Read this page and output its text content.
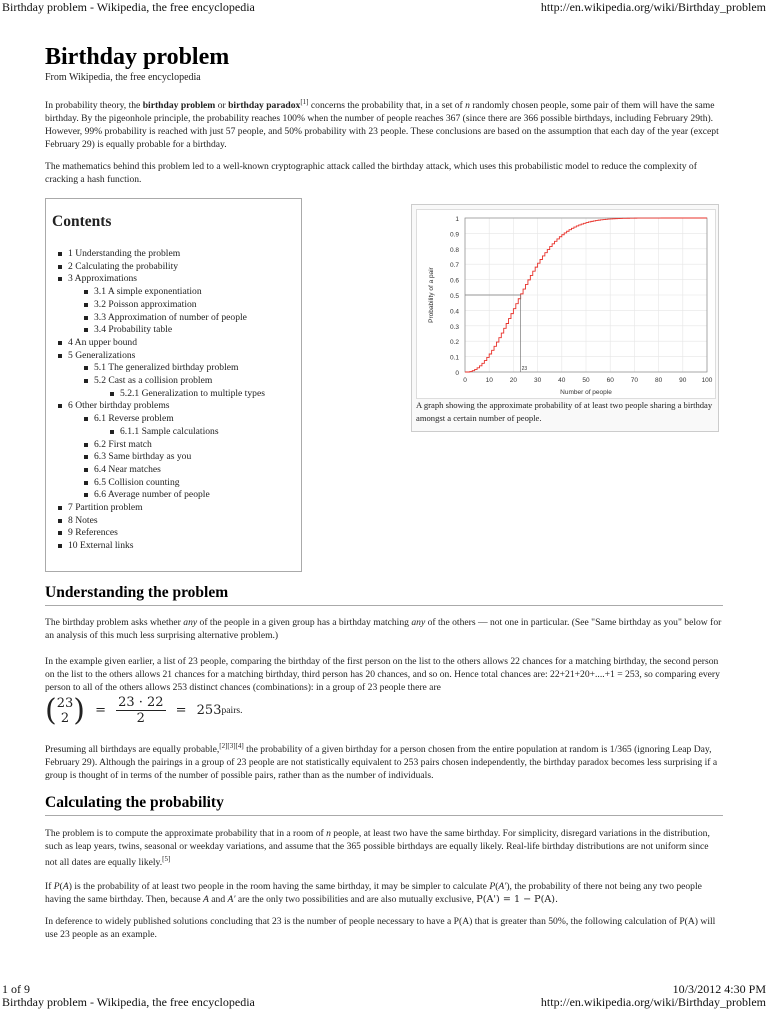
Birthday problem - Wikipedia, the free encyclopedia	http://en.wikipedia.org/wiki/Birthday_problem
Birthday problem
From Wikipedia, the free encyclopedia

In probability theory, the birthday problem or birthday paradox[1] concerns the probability that, in a set of n randomly chosen people, some pair of them will have the same birthday. By the pigeonhole principle, the probability reaches 100% when the number of people reaches 367 (since there are 366 possible birthdays, including February 29th). However, 99% probability is reached with just 57 people, and 50% probability with 23 people. These conclusions are based on the assumption that each day of the year (except February 29) is equally probable for a birthday.

The mathematics behind this problem led to a well-known cryptographic attack called the birthday attack, which uses this probabilistic model to reduce the complexity of cracking a hash function.

Contents
1 Understanding the problem
2 Calculating the probability
3 Approximations
3.1 A simple exponentiation
3.2 Poisson approximation
3.3 Approximation of number of people
3.4 Probability table
4 An upper bound
5 Generalizations
5.1 The generalized birthday problem
5.2 Cast as a collision problem
5.2.1 Generalization to multiple types
6 Other birthday problems
6.1 Reverse problem
6.1.1 Sample calculations
6.2 First match
6.3 Same birthday as you
6.4 Near matches
6.5 Collision counting
6.6 Average number of people
7 Partition problem
8 Notes
9 References
10 External links
0
0.1
0.2
0.3
0.4
0.5
0.6
0.7
0.8
0.9
1
0	10	20	30	40	50	60	70	80	90 100
23
Number of people
Probability of a pair
A graph showing the approximate probability of at least two people sharing a birthday amongst a certain number of people.
Understanding the problem

The birthday problem asks whether any of the people in a given group has a birthday matching any of the others — not one in particular. (See "Same birthday as you" below for an analysis of this much less surprising alternative problem.)

In the example given earlier, a list of 23 people, comparing the birthday of the first person on the list to the others allows 22 chances for a matching birthday, the second person on the list to the others allows 21 chances for a matching birthday, third person has 20 chances, and so on. Hence total chances are: 22+21+20+....+1 = 253, so comparing every person to all of the others allows 253 distinct chances (combinations): in a group of 23 people there are

( 23
2 ) = $\frac{23 \cdot 22}{2}$ = 253pairs.

Presuming all birthdays are equally probable,[2][3][4] the probability of a given birthday for a person chosen from the entire population at random is 1/365 (ignoring Leap Day, February 29). Although the pairings in a group of 23 people are not statistically equivalent to 253 pairs chosen independently, the birthday paradox becomes less surprising if a group is thought of in terms of the number of possible pairs, rather than as the number of individuals.

Calculating the probability

The problem is to compute the approximate probability that in a room of n people, at least two have the same birthday. For simplicity, disregard variations in the distribution, such as leap years, twins, seasonal or weekday variations, and assume that the 365 possible birthdays are equally likely. Real-life birthday distributions are not uniform since not all dates are equally likely.[5]

If P(A) is the probability of at least two people in the room having the same birthday, it may be simpler to calculate P(A'), the probability of there not being any two people having the same birthday. Then, because A and A' are the only two possibilities and are also mutually exclusive, P(A') = 1 − P(A).

In deference to widely published solutions concluding that 23 is the number of people necessary to have a P(A) that is greater than 50%, the following calculation of P(A) will use 23 people as an example.

1 of 9	10/3/2012 4:30 PM
Birthday problem - Wikipedia, the free encyclopedia	http://en.wikipedia.org/wiki/Birthday_problem
